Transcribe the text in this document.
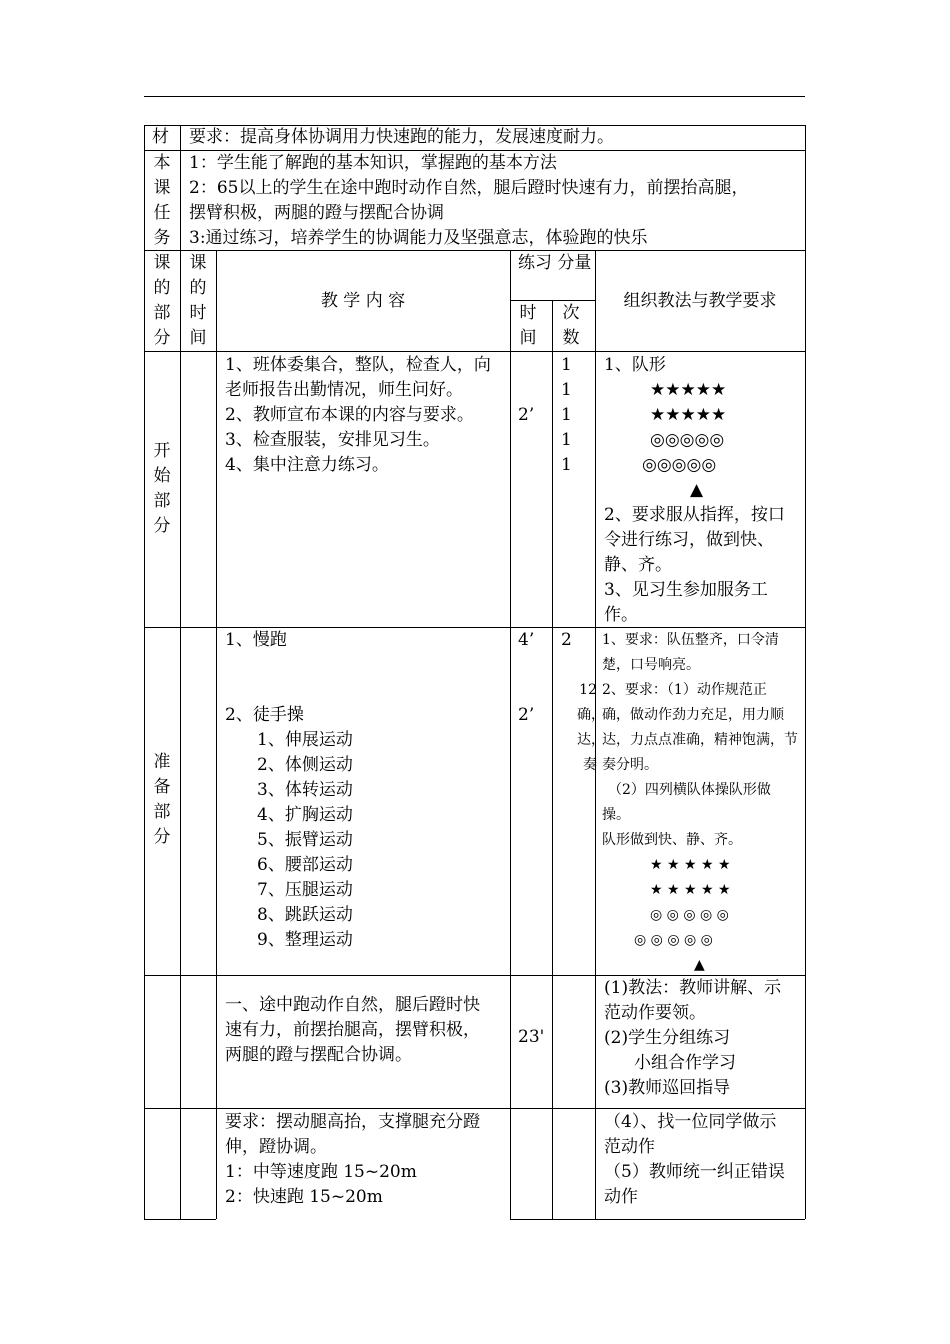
材 要求：提高身体协调用力快速跑的能力，发展速度耐力。
本
课
任
务
1：学生能了解跑的基本知识，掌握跑的基本方法
2：65以上的学生在途中跑时动作自然，腿后蹬时快速有力，前摆抬高腿，
摆臂积极，两腿的蹬与摆配合协调
3:通过练习，培养学生的协调能力及坚强意志，体验跑的快乐
课
的
部
分
课
的
时
间
教 学 内 容
练习 分量
时
间
次
数
组织教法与教学要求
开
始
部
分
1、班体委集合，整队，检查人，向
老师报告出勤情况，师生问好。
2、教师宣布本课的内容与要求。
3、检查服装，安排见习生。
4、集中注意力练习。
2’
1
1
1
1
1
1、队形
★★★★★
★★★★★
◎◎◎◎◎
◎◎◎◎◎
▲
2、要求服从指挥，按口
令进行练习，做到快、
静、齐。
3、见习生参加服务工
作。
准
备
部
分
1、慢跑

2、徒手操
1、伸展运动
2、体侧运动
3、体转运动
4、扩胸运动
5、振臂运动
6、腰部运动
7、压腿运动
8、跳跃运动
9、整理运动
4’
2’
2
12
确，
达，
奏
1、要求：队伍整齐，口令清
楚，口号响亮。
2、要求：（1）动作规范正
确，做动作劲力充足，用力顺
达，力点点准确，精神饱满，节
奏分明。
（2）四列横队体操队形做
操。
队形做到快、静、齐。
★ ★ ★ ★ ★
★ ★ ★ ★ ★
◎ ◎ ◎ ◎ ◎
◎ ◎ ◎ ◎ ◎
▲
一、途中跑动作自然，腿后蹬时快
速有力，前摆抬腿高，摆臂积极，
两腿的蹬与摆配合协调。
23'
(1)教法：教师讲解、示
范动作要领。
(2)学生分组练习
小组合作学习
(3)教师巡回指导
要求：摆动腿高抬，支撑腿充分蹬
伸，蹬协调。
1：中等速度跑 15~20m
2：快速跑 15~20m
（4）、找一位同学做示
范动作
（5）教师统一纠正错误
动作
